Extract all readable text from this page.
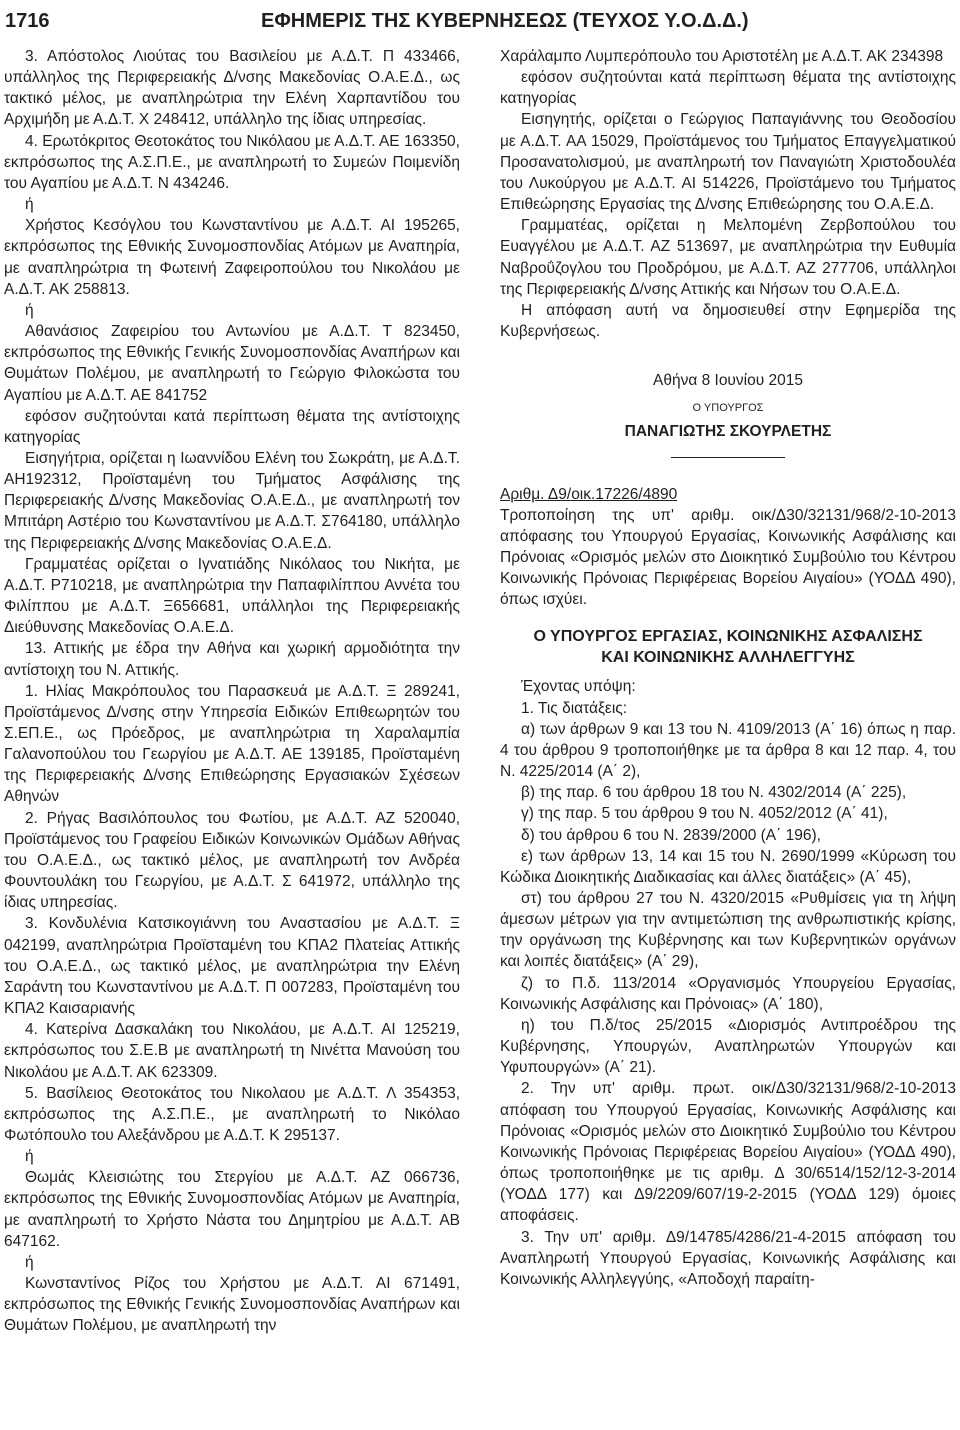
1716	ΕΦΗΜΕΡΙΣ ΤΗΣ ΚΥΒΕΡΝΗΣΕΩΣ (ΤΕΥΧΟΣ Υ.Ο.Δ.Δ.)

3. Απόστολος Λιούτας του Βασιλείου με Α.Δ.Τ. Π 433466, υπάλληλος της Περιφερειακής Δ/νσης Μακεδονίας Ο.Α.Ε.Δ., ως τακτικό μέλος, με αναπληρώτρια την Ελένη Χαρπαντίδου του Αρχιμήδη με Α.Δ.Τ. Χ 248412, υπάλληλο της ίδιας υπηρεσίας.

4. Ερωτόκριτος Θεοτοκάτος του Νικόλαου με Α.Δ.Τ. ΑΕ 163350, εκπρόσωπος της Α.Σ.Π.Ε., με αναπληρωτή το Συμεών Ποιμενίδη του Αγαπίου με Α.Δ.Τ. Ν 434246.

ή

Χρήστος Κεσόγλου του Κωνσταντίνου με Α.Δ.Τ. ΑΙ 195265, εκπρόσωπος της Εθνικής Συνομοσπονδίας Ατόμων με Αναπηρία, με αναπληρώτρια τη Φωτεινή Ζαφειροπούλου του Νικολάου με Α.Δ.Τ. ΑΚ 258813.

ή

Αθανάσιος Ζαφειρίου του Αντωνίου με Α.Δ.Τ. Τ 823450, εκπρόσωπος της Εθνικής Γενικής Συνομοσπονδίας Αναπήρων και Θυμάτων Πολέμου, με αναπληρωτή το Γεώργιο Φιλοκώστα του Αγαπίου με Α.Δ.Τ. ΑΕ 841752

εφόσον συζητούνται κατά περίπτωση θέματα της αντίστοιχης κατηγορίας

Εισηγήτρια, ορίζεται η Ιωαννίδου Ελένη του Σωκράτη, με Α.Δ.Τ. ΑΗ192312, Προϊσταμένη του Τμήματος Ασφάλισης της Περιφερειακής Δ/νσης Μακεδονίας Ο.Α.Ε.Δ., με αναπληρωτή τον Μπιτάρη Αστέριο του Κωνσταντίνου με Α.Δ.Τ. Σ764180, υπάλληλο της Περιφερειακής Δ/νσης Μακεδονίας Ο.Α.Ε.Δ.

Γραμματέας ορίζεται ο Ιγνατιάδης Νικόλαος του Νικήτα, με Α.Δ.Τ. Ρ710218, με αναπληρώτρια την Παπαφιλίππου Αννέτα του Φιλίππου με Α.Δ.Τ. Ξ656681, υπάλληλοι της Περιφερειακής Διεύθυνσης Μακεδονίας Ο.Α.Ε.Δ.

13. Αττικής με έδρα την Αθήνα και χωρική αρμοδιότητα την αντίστοιχη του Ν. Αττικής.

1. Ηλίας Μακρόπουλος του Παρασκευά με Α.Δ.Τ. Ξ 289241, Προϊστάμενος Δ/νσης στην Υπηρεσία Ειδικών Επιθεωρητών του Σ.ΕΠ.Ε., ως Πρόεδρος, με αναπληρώτρια τη Χαραλαμπία Γαλανοπούλου του Γεωργίου με Α.Δ.Τ. ΑΕ 139185, Προϊσταμένη της Περιφερειακής Δ/νσης Επιθεώρησης Εργασιακών Σχέσεων Αθηνών

2. Ρήγας Βασιλόπουλος του Φωτίου, με Α.Δ.Τ. ΑΖ 520040, Προϊστάμενος του Γραφείου Ειδικών Κοινωνικών Ομάδων Αθήνας του Ο.Α.Ε.Δ., ως τακτικό μέλος, με αναπληρωτή τον Ανδρέα Φουντουλάκη του Γεωργίου, με Α.Δ.Τ. Σ 641972, υπάλληλο της ίδιας υπηρεσίας.

3. Κονδυλένια Κατσικογιάννη του Αναστασίου με Α.Δ.Τ. Ξ 042199, αναπληρώτρια Προϊσταμένη του ΚΠΑ2 Πλατείας Αττικής του Ο.Α.Ε.Δ., ως τακτικό μέλος, με αναπληρώτρια την Ελένη Σαράντη του Κωνσταντίνου με Α.Δ.Τ. Π 007283, Προϊσταμένη του ΚΠΑ2 Καισαριανής

4. Κατερίνα Δασκαλάκη του Νικολάου, με Α.Δ.Τ. ΑΙ 125219, εκπρόσωπος του Σ.Ε.Β με αναπληρωτή τη Νινέττα Μανούση του Νικολάου με Α.Δ.Τ. ΑΚ 623309.

5. Βασίλειος Θεοτοκάτος του Νικολαου με Α.Δ.Τ. Λ 354353, εκπρόσωπος της Α.Σ.Π.Ε., με αναπληρωτή το Νικόλαο Φωτόπουλο του Αλεξάνδρου με Α.Δ.Τ. Κ 295137.

ή

Θωμάς Κλεισιώτης του Στεργίου με Α.Δ.Τ. ΑΖ 066736, εκπρόσωπος της Εθνικής Συνομοσπονδίας Ατόμων με Αναπηρία, με αναπληρωτή το Χρήστο Νάστα του Δημητρίου με Α.Δ.Τ. ΑΒ 647162.

ή

Κωνσταντίνος Ρίζος του Χρήστου με Α.Δ.Τ. ΑΙ 671491, εκπρόσωπος της Εθνικής Γενικής Συνομοσπονδίας Αναπήρων και Θυμάτων Πολέμου, με αναπληρωτή την

Χαράλαμπο Λυμπερόπουλο του Αριστοτέλη με Α.Δ.Τ. ΑΚ 234398

εφόσον συζητούνται κατά περίπτωση θέματα της αντίστοιχης κατηγορίας

Εισηγητής, ορίζεται ο Γεώργιος Παπαγιάννης του Θεοδοσίου με Α.Δ.Τ. ΑΑ 15029, Προϊστάμενος του Τμήματος Επαγγελματικού Προσανατολισμού, με αναπληρωτή τον Παναγιώτη Χριστοδουλέα του Λυκούργου με Α.Δ.Τ. ΑΙ 514226, Προϊστάμενο του Τμήματος Επιθεώρησης Εργασίας της Δ/νσης Επιθεώρησης του Ο.Α.Ε.Δ.

Γραμματέας, ορίζεται η Μελπομένη Ζερβοπούλου του Ευαγγέλου με Α.Δ.Τ. ΑΖ 513697, με αναπληρώτρια την Ευθυμία Ναβροΰζογλου του Προδρόμου, με Α.Δ.Τ. ΑΖ 277706, υπάλληλοι της Περιφερειακής Δ/νσης Αττικής και Νήσων του Ο.Α.Ε.Δ.

Η απόφαση αυτή να δημοσιευθεί στην Εφημερίδα της Κυβερνήσεως.

Αθήνα 8 Ιουνίου 2015

Ο ΥΠΟΥΡΓΟΣ

ΠΑΝΑΓΙΩΤΗΣ ΣΚΟΥΡΛΕΤΗΣ

Αριθμ. Δ9/οικ.17226/4890

Τροποποίηση της υπ' αριθμ. οικ/Δ30/32131/968/2-10-2013 απόφασης του Υπουργού Εργασίας, Κοινωνικής Ασφάλισης και Πρόνοιας «Ορισμός μελών στο Διοικητικό Συμβούλιο του Κέντρου Κοινωνικής Πρόνοιας Περιφέρειας Βορείου Αιγαίου» (ΥΟΔΔ 490), όπως ισχύει.

Ο ΥΠΟΥΡΓΟΣ ΕΡΓΑΣΙΑΣ, ΚΟΙΝΩΝΙΚΗΣ ΑΣΦΑΛΙΣΗΣ
ΚΑΙ ΚΟΙΝΩΝΙΚΗΣ ΑΛΛΗΛΕΓΓΥΗΣ

Έχοντας υπόψη:

1. Τις διατάξεις:

α) των άρθρων 9 και 13 του Ν. 4109/2013 (Α΄ 16) όπως η παρ. 4 του άρθρου 9 τροποποιήθηκε με τα άρθρα 8 και 12 παρ. 4, του Ν. 4225/2014 (Α΄ 2),

β) της παρ. 6 του άρθρου 18 του Ν. 4302/2014 (Α΄ 225),

γ) της παρ. 5 του άρθρου 9 του Ν. 4052/2012 (Α΄ 41),

δ) του άρθρου 6 του Ν. 2839/2000 (Α΄ 196),

ε) των άρθρων 13, 14 και 15 του Ν. 2690/1999 «Κύρωση του Κώδικα Διοικητικής Διαδικασίας και άλλες διατάξεις» (Α΄ 45),

στ) του άρθρου 27 του Ν. 4320/2015 «Ρυθμίσεις για τη λήψη άμεσων μέτρων για την αντιμετώπιση της ανθρωπιστικής κρίσης, την οργάνωση της Κυβέρνησης και των Κυβερνητικών οργάνων και λοιπές διατάξεις» (Α΄ 29),

ζ) το Π.δ. 113/2014 «Οργανισμός Υπουργείου Εργασίας, Κοινωνικής Ασφάλισης και Πρόνοιας» (Α΄ 180),

η) του Π.δ/τος 25/2015 «Διορισμός Αντιπροέδρου της Κυβέρνησης, Υπουργών, Αναπληρωτών Υπουργών και Υφυπουργών» (Α΄ 21).

2. Την υπ' αριθμ. πρωτ. οικ/Δ30/32131/968/2-10-2013 απόφαση του Υπουργού Εργασίας, Κοινωνικής Ασφάλισης και Πρόνοιας «Ορισμός μελών στο Διοικητικό Συμβούλιο του Κέντρου Κοινωνικής Πρόνοιας Περιφέρειας Βορείου Αιγαίου» (ΥΟΔΔ 490), όπως τροποποιήθηκε με τις αριθμ. Δ 30/6514/152/12-3-2014 (ΥΟΔΔ 177) και Δ9/2209/607/19-2-2015 (ΥΟΔΔ 129) όμοιες αποφάσεις.

3. Την υπ' αριθμ. Δ9/14785/4286/21-4-2015 απόφαση του Αναπληρωτή Υπουργού Εργασίας, Κοινωνικής Ασφάλισης και Κοινωνικής Αλληλεγγύης, «Αποδοχή παραίτη-
